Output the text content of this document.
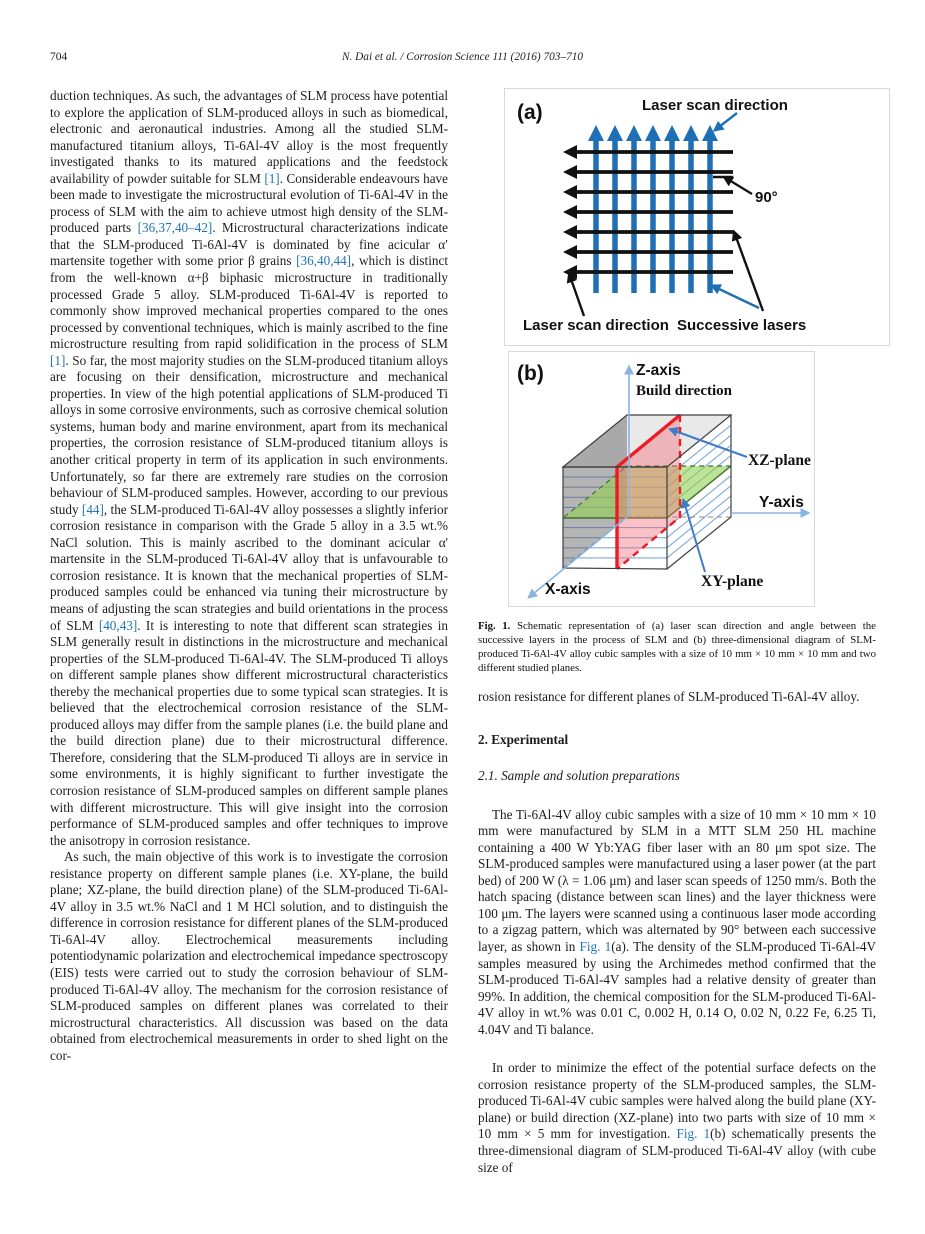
704	N. Dai et al. / Corrosion Science 111 (2016) 703–710

duction techniques. As such, the advantages of SLM process have potential to explore the application of SLM-produced alloys in such as biomedical, electronic and aeronautical industries. Among all the studied SLM-manufactured titanium alloys, Ti-6Al-4V alloy is the most frequently investigated thanks to its matured applications and the feedstock availability of powder suitable for SLM [1]. Considerable endeavours have been made to investigate the microstructural evolution of Ti-6Al-4V in the process of SLM with the aim to achieve utmost high density of the SLM-produced parts [36,37,40–42]. Microstructural characterizations indicate that the SLM-produced Ti-6Al-4V is dominated by fine acicular α′ martensite together with some prior β grains [36,40,44], which is distinct from the well-known α+β biphasic microstructure in traditionally processed Grade 5 alloy. SLM-produced Ti-6Al-4V is reported to commonly show improved mechanical properties compared to the ones processed by conventional techniques, which is mainly ascribed to the fine microstructure resulting from rapid solidification in the process of SLM [1]. So far, the most majority studies on the SLM-produced titanium alloys are focusing on their densification, microstructure and mechanical properties. In view of the high potential applications of SLM-produced Ti alloys in some corrosive environments, such as corrosive chemical solution systems, human body and marine environment, apart from its mechanical properties, the corrosion resistance of SLM-produced titanium alloys is another critical property in term of its application in such environments. Unfortunately, so far there are extremely rare studies on the corrosion behaviour of SLM-produced samples. However, according to our previous study [44], the SLM-produced Ti-6Al-4V alloy possesses a slightly inferior corrosion resistance in comparison with the Grade 5 alloy in a 3.5 wt.% NaCl solution. This is mainly ascribed to the dominant acicular α' martensite in the SLM-produced Ti-6Al-4V alloy that is unfavourable to corrosion resistance. It is known that the mechanical properties of SLM-produced samples could be enhanced via tuning their microstructure by means of adjusting the scan strategies and build orientations in the process of SLM [40,43]. It is interesting to note that different scan strategies in SLM generally result in distinctions in the microstructure and mechanical properties of the SLM-produced Ti-6Al-4V. The SLM-produced Ti alloys on different sample planes show different microstructural characteristics thereby the mechanical properties due to some typical scan strategies. It is believed that the electrochemical corrosion resistance of the SLM-produced alloys may differ from the sample planes (i.e. the build plane and the build direction plane) due to their microstructural difference. Therefore, considering that the SLM-produced Ti alloys are in service in some environments, it is highly significant to further investigate the corrosion resistance of SLM-produced samples on different sample planes with different microstructure. This will give insight into the corrosion performance of SLM-produced samples and offer techniques to improve the anisotropy in corrosion resistance.

As such, the main objective of this work is to investigate the corrosion resistance property on different sample planes (i.e. XY-plane, the build plane; XZ-plane, the build direction plane) of the SLM-produced Ti-6Al-4V alloy in 3.5 wt.% NaCl and 1 M HCl solution, and to distinguish the difference in corrosion resistance for different planes of the SLM-produced Ti-6Al-4V alloy. Electrochemical measurements including potentiodynamic polarization and electrochemical impedance spectroscopy (EIS) tests were carried out to study the corrosion behaviour of SLM-produced Ti-6Al-4V alloy. The mechanism for the corrosion resistance of SLM-produced samples on different planes was correlated to their microstructural characteristics. All discussion was based on the data obtained from electrochemical measurements in order to shed light on the cor-

(a)	Laser scan direction
90°
Laser scan direction Successive lasers
(b)	Z-axis
Build direction
Y-axis
X-axis
XZ-plane
XY-plane
Fig. 1. Schematic representation of (a) laser scan direction and angle between the successive layers in the process of SLM and (b) three-dimensional diagram of SLM-produced Ti-6Al-4V alloy cubic samples with a size of 10 mm × 10 mm × 10 mm and two different studied planes.

rosion resistance for different planes of SLM-produced Ti-6Al-4V alloy.

2. Experimental

2.1. Sample and solution preparations

The Ti-6Al-4V alloy cubic samples with a size of 10 mm × 10 mm × 10 mm were manufactured by SLM in a MTT SLM 250 HL machine containing a 400 W Yb:YAG fiber laser with an 80 μm spot size. The SLM-produced samples were manufactured using a laser power (at the part bed) of 200 W (λ = 1.06 μm) and laser scan speeds of 1250 mm/s. Both the hatch spacing (distance between scan lines) and the layer thickness were 100 μm. The layers were scanned using a continuous laser mode according to a zigzag pattern, which was alternated by 90° between each successive layer, as shown in Fig. 1(a). The density of the SLM-produced Ti-6Al-4V samples measured by using the Archimedes method confirmed that the SLM-produced Ti-6Al-4V samples had a relative density of greater than 99%. In addition, the chemical composition for the SLM-produced Ti-6Al-4V alloy in wt.% was 0.01 C, 0.002 H, 0.14 O, 0.02 N, 0.22 Fe, 6.25 Ti, 4.04V and Ti balance.

In order to minimize the effect of the potential surface defects on the corrosion resistance property of the SLM-produced samples, the SLM-produced Ti-6Al-4V cubic samples were halved along the build plane (XY-plane) or build direction (XZ-plane) into two parts with size of 10 mm × 10 mm × 5 mm for investigation. Fig. 1(b) schematically presents the three-dimensional diagram of SLM-produced Ti-6Al-4V alloy (with cube size of
